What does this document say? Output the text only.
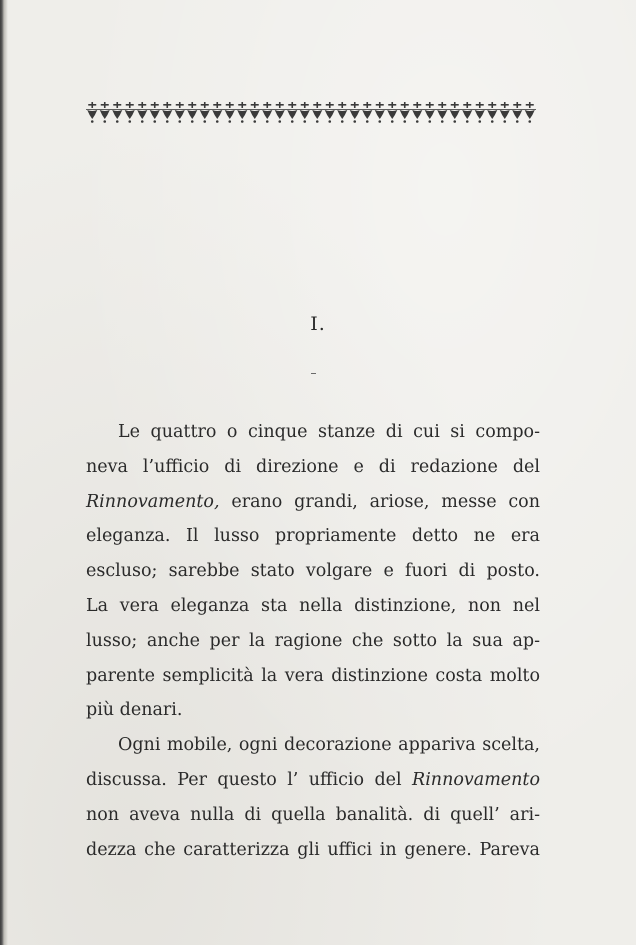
I.
Le quattro o cinque stanze di cui si compo-
neva l’ufficio di direzione e di redazione del
Rinnovamento, erano grandi, ariose, messe con
eleganza. Il lusso propriamente detto ne era
escluso; sarebbe stato volgare e fuori di posto.
La vera eleganza sta nella distinzione, non nel
lusso; anche per la ragione che sotto la sua ap-
parente semplicità la vera distinzione costa molto
più denari.
Ogni mobile, ogni decorazione appariva scelta,
discussa. Per questo l’ ufficio del Rinnovamento
non aveva nulla di quella banalità. di quell’ ari-
dezza che caratterizza gli uffici in genere. Pareva
